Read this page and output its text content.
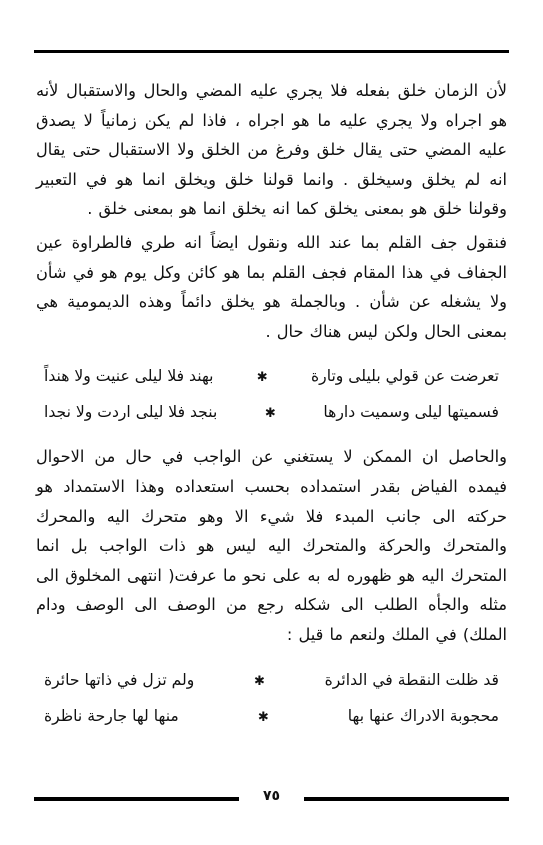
لأن الزمان خلق بفعله فلا يجري عليه المضي والحال والاستقبال لأنه هو اجراه ولا يجري عليه ما هو اجراه ، فاذا لم يكن زمانياً لا يصدق عليه المضي حتى يقال خلق وفرغ من الخلق ولا الاستقبال حتى يقال انه لم يخلق وسيخلق . وانما قولنا خلق ويخلق انما هو في التعبير وقولنا خلق هو بمعنى يخلق كما انه يخلق انما هو بمعنى خلق .

فنقول جف القلم بما عند الله ونقول ايضاً انه طري فالطراوة عين الجفاف في هذا المقام فجف القلم بما هو كائن وكل يوم هو في شأن ولا يشغله عن شأن . وبالجملة هو يخلق دائماً وهذه الديمومية هي بمعنى الحال ولكن ليس هناك حال .

تعرضت عن قولي بليلى وتارة
✱
بهند فلا ليلى عنيت ولا هنداً
فسميتها ليلى وسميت دارها
✱
بنجد فلا ليلى اردت ولا نجدا

والحاصل ان الممكن لا يستغني عن الواجب في حال من الاحوال فيمده الفياض بقدر استمداده بحسب استعداده وهذا الاستمداد هو حركته الى جانب المبدء فلا شيء الا وهو متحرك اليه والمحرك والمتحرك والحركة والمتحرك اليه ليس هو ذات الواجب بل انما المتحرك اليه هو ظهوره له به على نحو ما عرفت( انتهى المخلوق الى مثله والجأه الطلب الى شكله رجع من الوصف الى الوصف ودام الملك) في الملك ولنعم ما قيل :

قد ظلت النقطة في الدائرة
✱
ولم تزل في ذاتها حائرة
محجوبة الادراك عنها بها
✱
منها لها جارحة ناظرة
٧٥
